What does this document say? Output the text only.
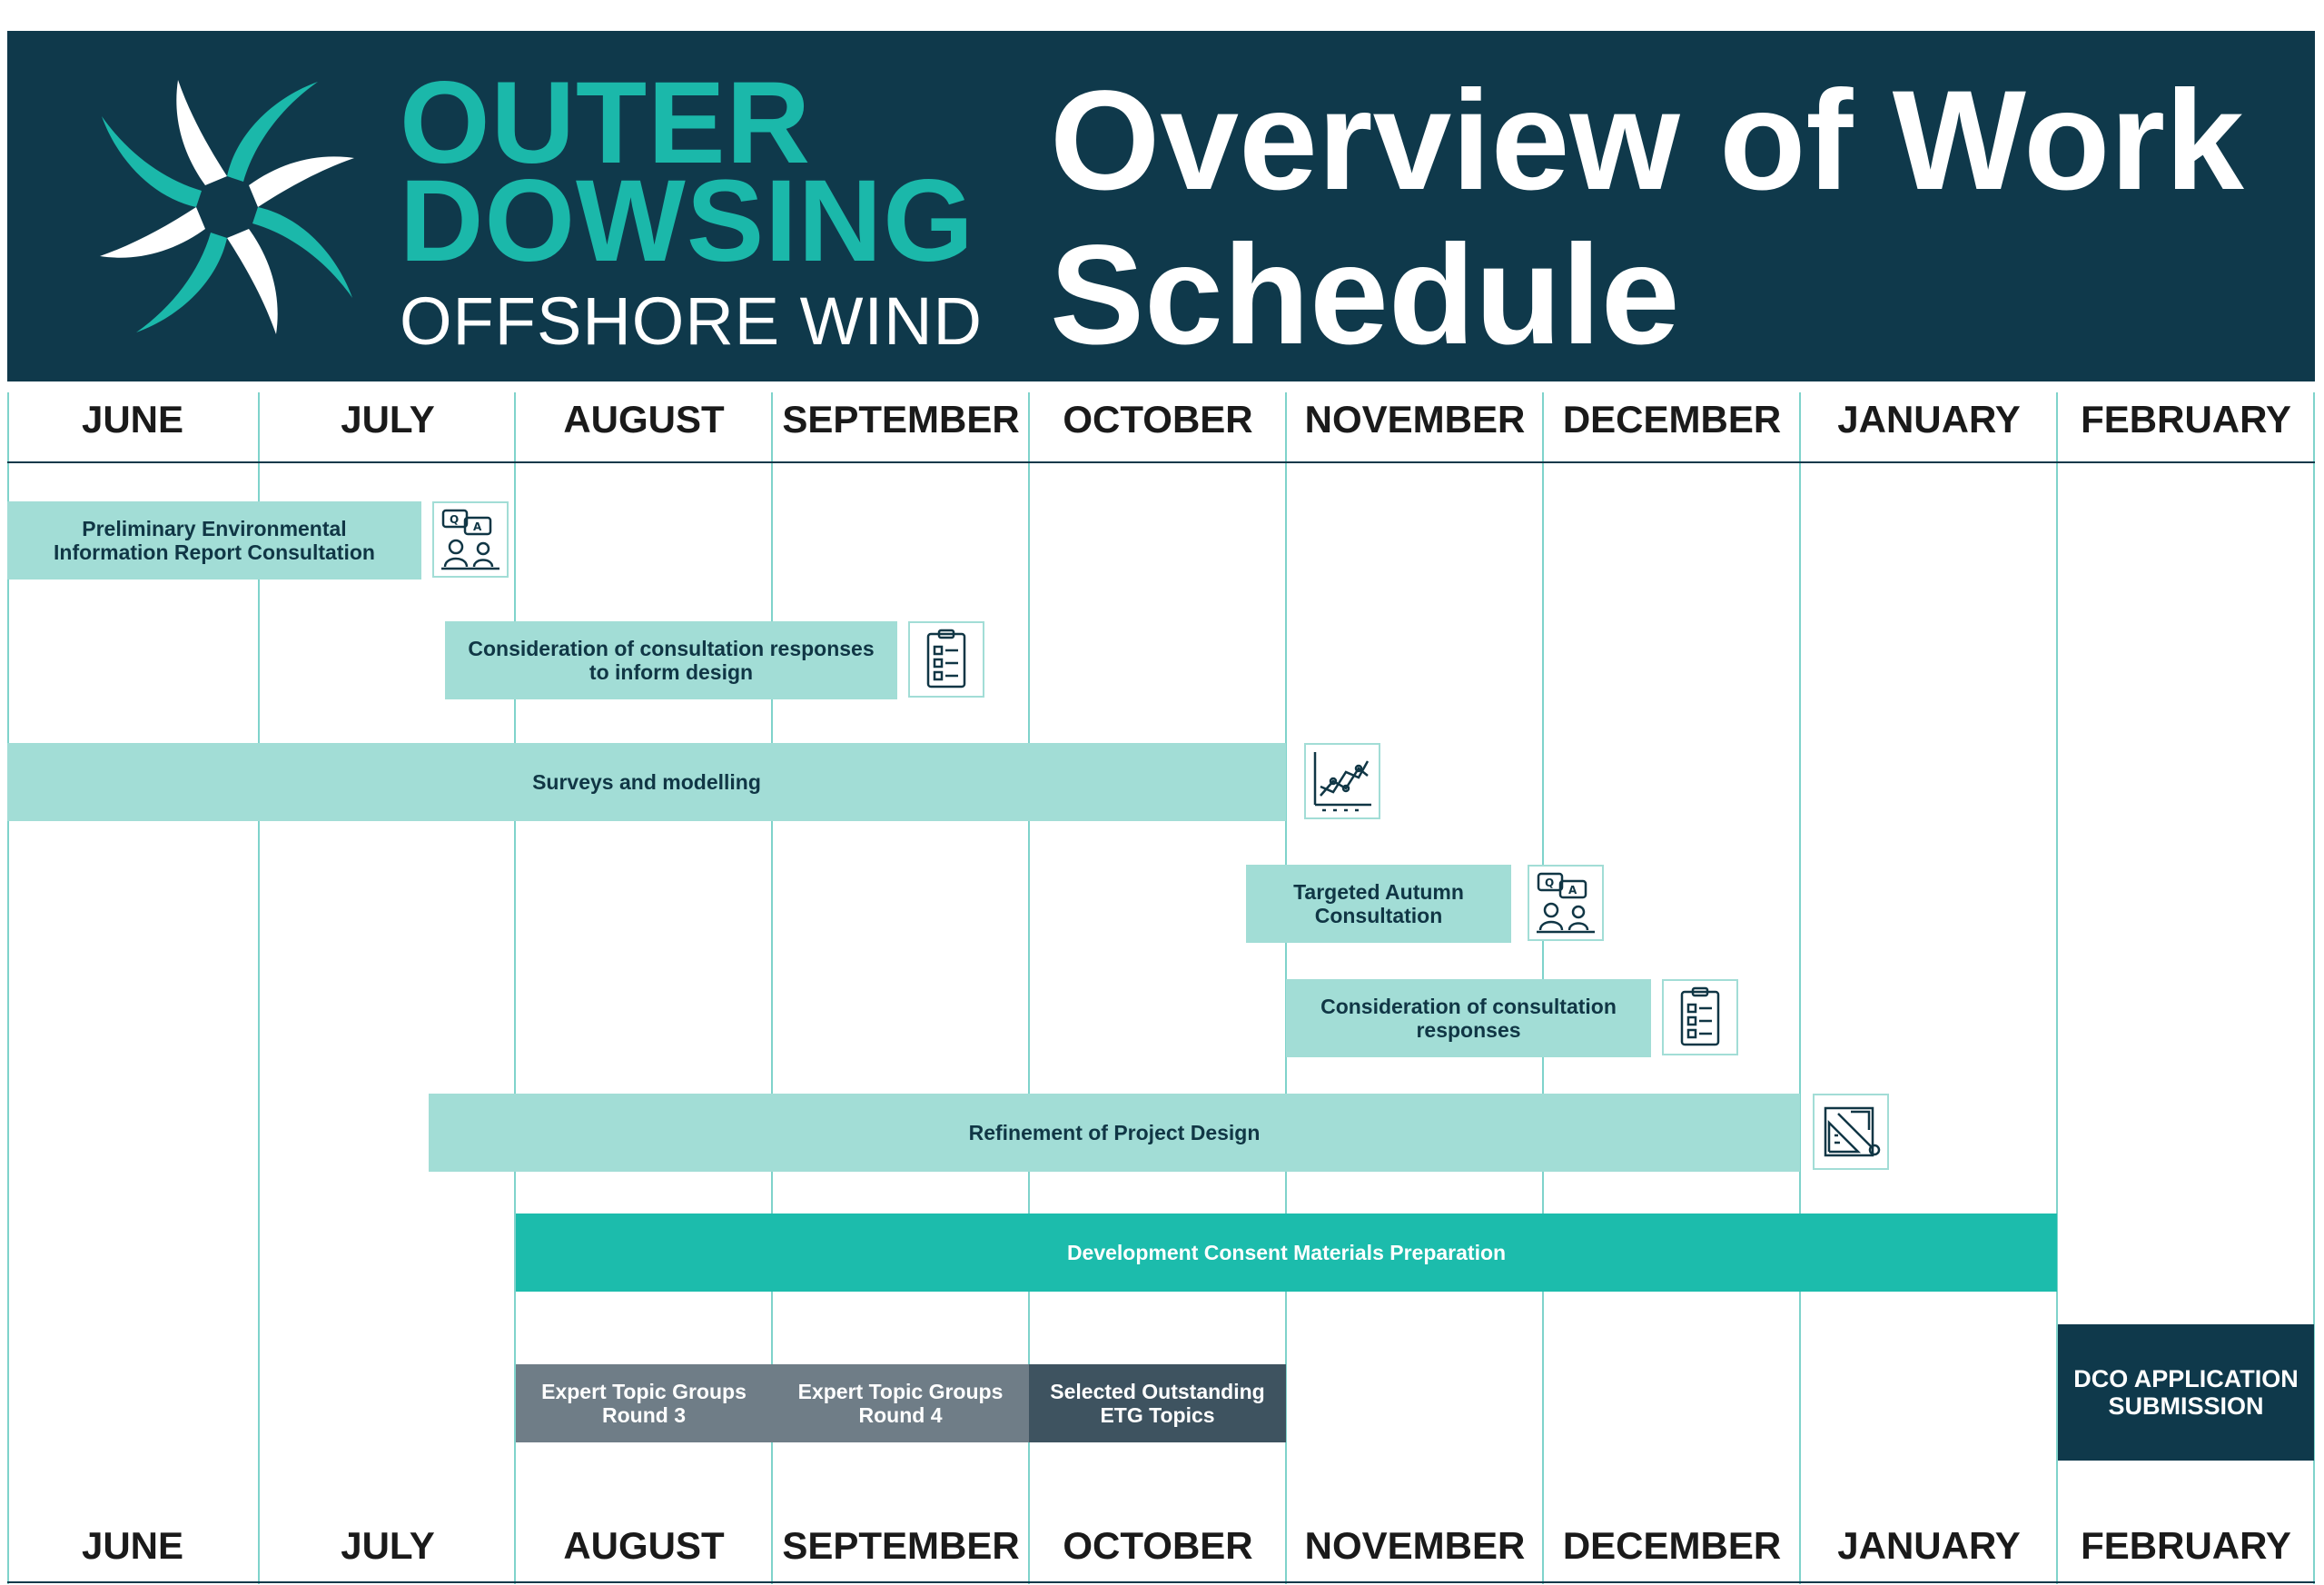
OUTER
DOWSING
OFFSHORE WIND
Overview of Work
Schedule
JUNE	JULY	AUGUST	SEPTEMBER	OCTOBER	NOVEMBER DECEMBER	JANUARY	FEBRUARY
JUNE	JULY	AUGUST	SEPTEMBER	OCTOBER	NOVEMBER DECEMBER	JANUARY	FEBRUARY
Preliminary Environmental
Information Report Consultation
Q
A
Consideration of consultation responses
to inform design
Surveys and modelling
Targeted Autumn
Consultation
Q
A
Consideration of consultation
responses
Refinement of Project Design
Development Consent Materials Preparation
Expert Topic Groups
Round 3
Expert Topic Groups
Round 4
Selected Outstanding
ETG Topics
DCO APPLICATION
SUBMISSION
